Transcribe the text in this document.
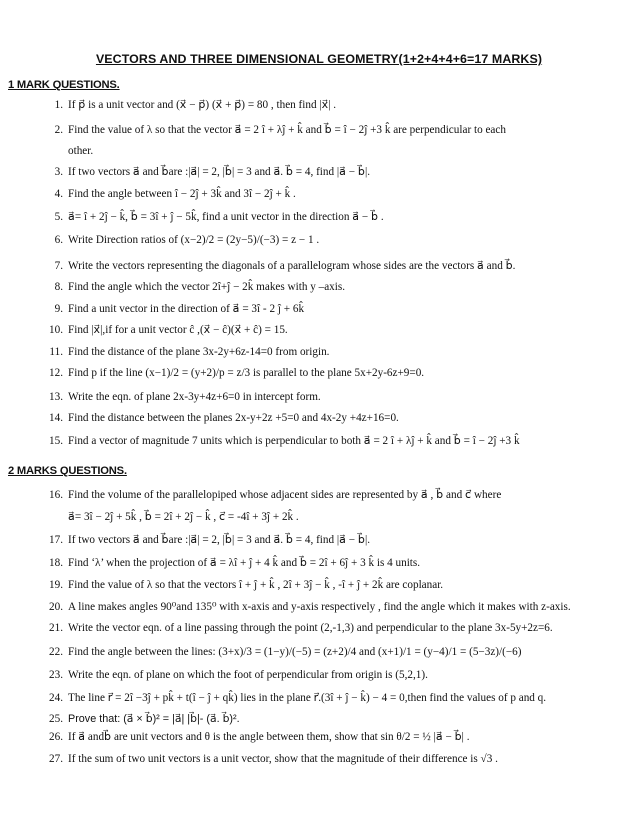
VECTORS AND THREE DIMENSIONAL GEOMETRY(1+2+4+4+6=17 MARKS)
1 MARK QUESTIONS.
1. If p⃗ is a unit vector and (x⃗ − p⃗) (x⃗ + p⃗) = 80 , then find |x⃗| .
2. Find the value of λ so that the vector a⃗ = 2 î + λĵ + k̂ and b⃗ = î − 2ĵ +3 k̂ are perpendicular to each
other.
3. If two vectors a⃗ and b⃗are :|a⃗| = 2, |b⃗| = 3 and a⃗. b⃗ = 4, find |a⃗ − b⃗|.
4. Find the angle between î − 2ĵ + 3k̂ and 3î − 2ĵ + k̂ .
5. a⃗= î + 2ĵ − k̂, b⃗ = 3î + ĵ − 5k̂, find a unit vector in the direction a⃗ − b⃗ .
6. Write Direction ratios of (x−2)/2 = (2y−5)/(−3) = z − 1 .
7. Write the vectors representing the diagonals of a parallelogram whose sides are the vectors a⃗ and b⃗.
8. Find the angle which the vector 2î+ĵ − 2k̂ makes with y –axis.
9. Find a unit vector in the direction of a⃗ = 3î - 2 ĵ + 6k̂
10. Find |x⃗|,if for a unit vector ĉ ,(x⃗ − ĉ)(x⃗ + ĉ) = 15.
11. Find the distance of the plane 3x-2y+6z-14=0 from origin.
12. Find p if the line (x−1)/2 = (y+2)/p = z/3 is parallel to the plane 5x+2y-6z+9=0.
13. Write the eqn. of plane 2x-3y+4z+6=0 in intercept form.
14. Find the distance between the planes 2x-y+2z +5=0 and 4x-2y +4z+16=0.
15. Find a vector of magnitude 7 units which is perpendicular to both a⃗ = 2 î + λĵ + k̂ and b⃗ = î − 2ĵ +3 k̂
2 MARKS QUESTIONS.
16. Find the volume of the parallelopiped whose adjacent sides are represented by a⃗ , b⃗ and c⃗ where
a⃗= 3î − 2ĵ + 5k̂ , b⃗ = 2î + 2ĵ − k̂ , c⃗ = -4î + 3ĵ + 2k̂ .
17. If two vectors a⃗ and b⃗are :|a⃗| = 2, |b⃗| = 3 and a⃗. b⃗ = 4, find |a⃗ − b⃗|.
18. Find ‘λ’ when the projection of a⃗ = λî + ĵ + 4 k̂ and b⃗ = 2î + 6ĵ + 3 k̂ is 4 units.
19. Find the value of λ so that the vectors î + ĵ + k̂ , 2î + 3ĵ − k̂ , -î + ĵ + 2k̂ are coplanar.
20. A line makes angles 90⁰and 135⁰ with x-axis and y-axis respectively , find the angle which it makes with z-axis.
21. Write the vector eqn. of a line passing through the point (2,-1,3) and perpendicular to the plane 3x-5y+2z=6.
22. Find the angle between the lines: (3+x)/3 = (1−y)/(−5) = (z+2)/4 and (x+1)/1 = (y−4)/1 = (5−3z)/(−6)
23. Write the eqn. of plane on which the foot of perpendicular from origin is (5,2,1).
24. The line r⃗ = 2î −3ĵ + pk̂ + t(î − ĵ + qk̂) lies in the plane r⃗.(3î + ĵ − k̂) − 4 = 0,then find the values of p and q.
25. Prove that: (a⃗ × b⃗)² = |a⃗| |b⃗|- (a⃗. b⃗)².
26. If a⃗ andb⃗ are unit vectors and θ is the angle between them, show that sin θ/2 = ½ |a⃗ − b⃗| .
27. If the sum of two unit vectors is a unit vector, show that the magnitude of their difference is √3 .
